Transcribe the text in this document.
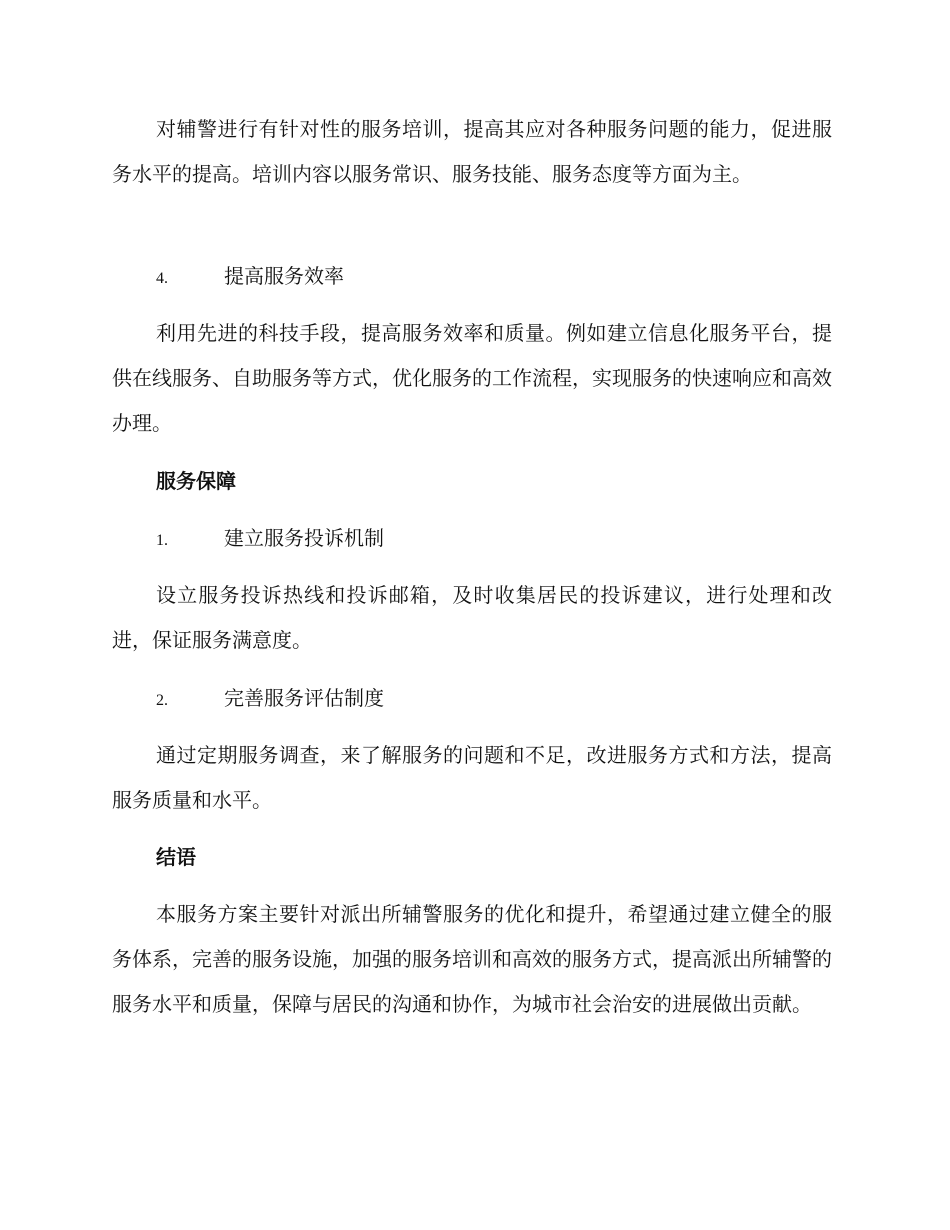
对辅警进行有针对性的服务培训，提高其应对各种服务问题的能力，促进服务水平的提高。培训内容以服务常识、服务技能、服务态度等方面为主。

4.	提高服务效率

利用先进的科技手段，提高服务效率和质量。例如建立信息化服务平台，提供在线服务、自助服务等方式，优化服务的工作流程，实现服务的快速响应和高效办理。

服务保障
1.	建立服务投诉机制

设立服务投诉热线和投诉邮箱，及时收集居民的投诉建议，进行处理和改进，保证服务满意度。

2.	完善服务评估制度

通过定期服务调查，来了解服务的问题和不足，改进服务方式和方法，提高服务质量和水平。

结语

本服务方案主要针对派出所辅警服务的优化和提升，希望通过建立健全的服务体系，完善的服务设施，加强的服务培训和高效的服务方式，提高派出所辅警的服务水平和质量，保障与居民的沟通和协作，为城市社会治安的进展做出贡献。
